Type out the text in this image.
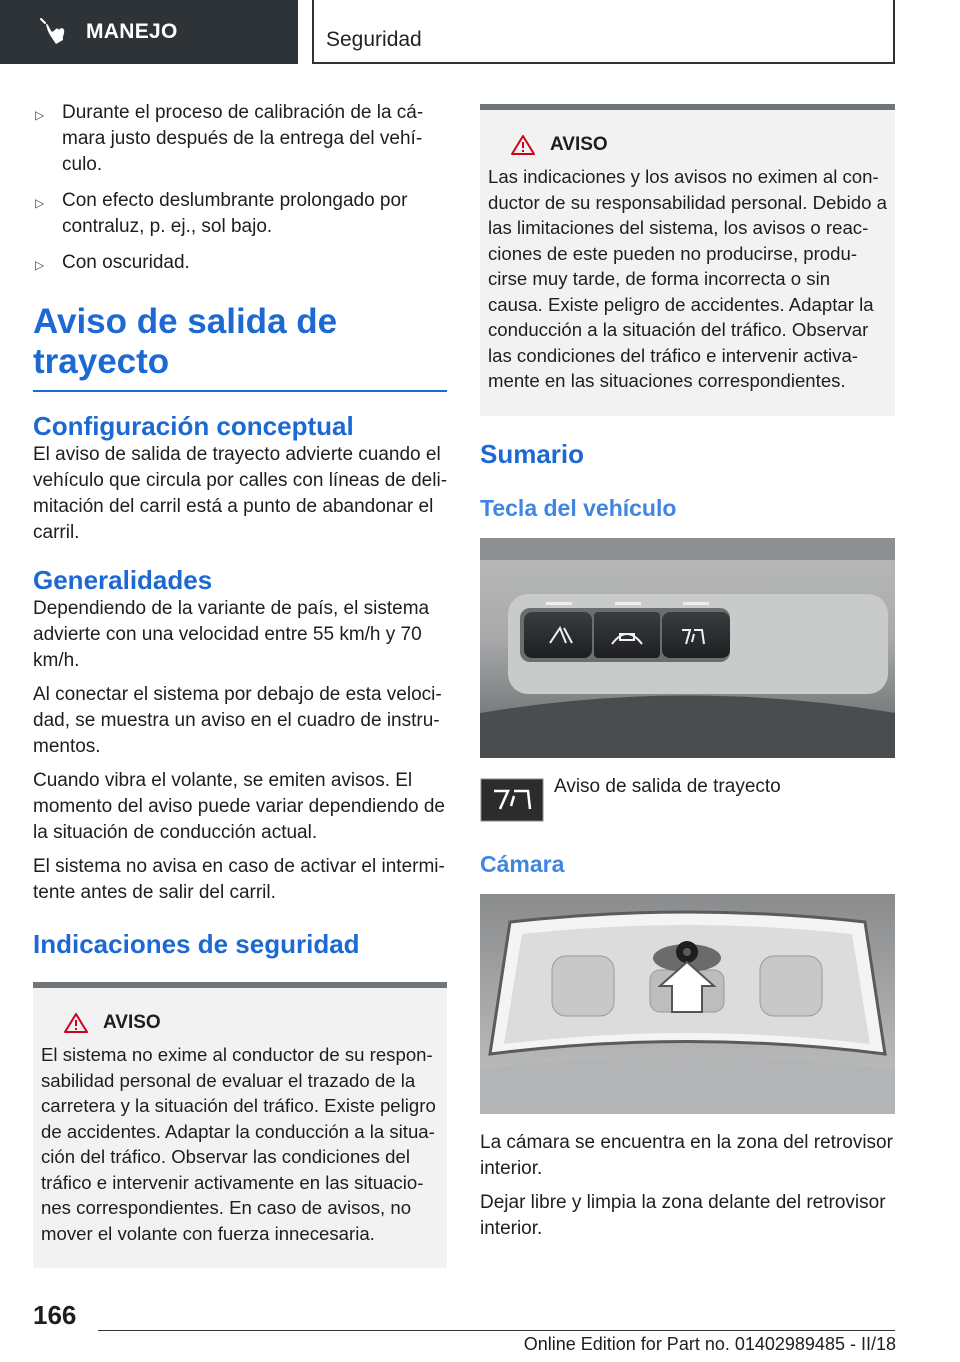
MANEJO	Seguridad
▷ Durante el proceso de calibración de la cámara justo después de la entrega del vehículo.
▷ Con efecto deslumbrante prolongado por contraluz, p. ej., sol bajo.
▷ Con oscuridad.
Aviso de salida de trayecto
Configuración conceptual

El aviso de salida de trayecto advierte cuando el vehículo que circula por calles con líneas de delimitación del carril está a punto de abandonar el carril.

Generalidades

Dependiendo de la variante de país, el sistema advierte con una velocidad entre 55 km/h y 70 km/h.

Al conectar el sistema por debajo de esta velocidad, se muestra un aviso en el cuadro de instrumentos.

Cuando vibra el volante, se emiten avisos. El momento del aviso puede variar dependiendo de la situación de conducción actual.

El sistema no avisa en caso de activar el intermitente antes de salir del carril.

Indicaciones de seguridad
AVISO

El sistema no exime al conductor de su responsabilidad personal de evaluar el trazado de la carretera y la situación del tráfico. Existe peligro de accidentes. Adaptar la conducción a la situación del tráfico. Observar las condiciones del tráfico e intervenir activamente en las situaciones correspondientes. En caso de avisos, no mover el volante con fuerza innecesaria.

AVISO

Las indicaciones y los avisos no eximen al conductor de su responsabilidad personal. Debido a las limitaciones del sistema, los avisos o reacciones de este pueden no producirse, producirse muy tarde, de forma incorrecta o sin causa. Existe peligro de accidentes. Adaptar la conducción a la situación del tráfico. Observar las condiciones del tráfico e intervenir activamente en las situaciones correspondientes.

Sumario
Tecla del vehículo
Aviso de salida de trayecto
Cámara

La cámara se encuentra en la zona del retrovisor interior.

Dejar libre y limpia la zona delante del retrovisor interior.

166
Online Edition for Part no. 01402989485 - II/18
